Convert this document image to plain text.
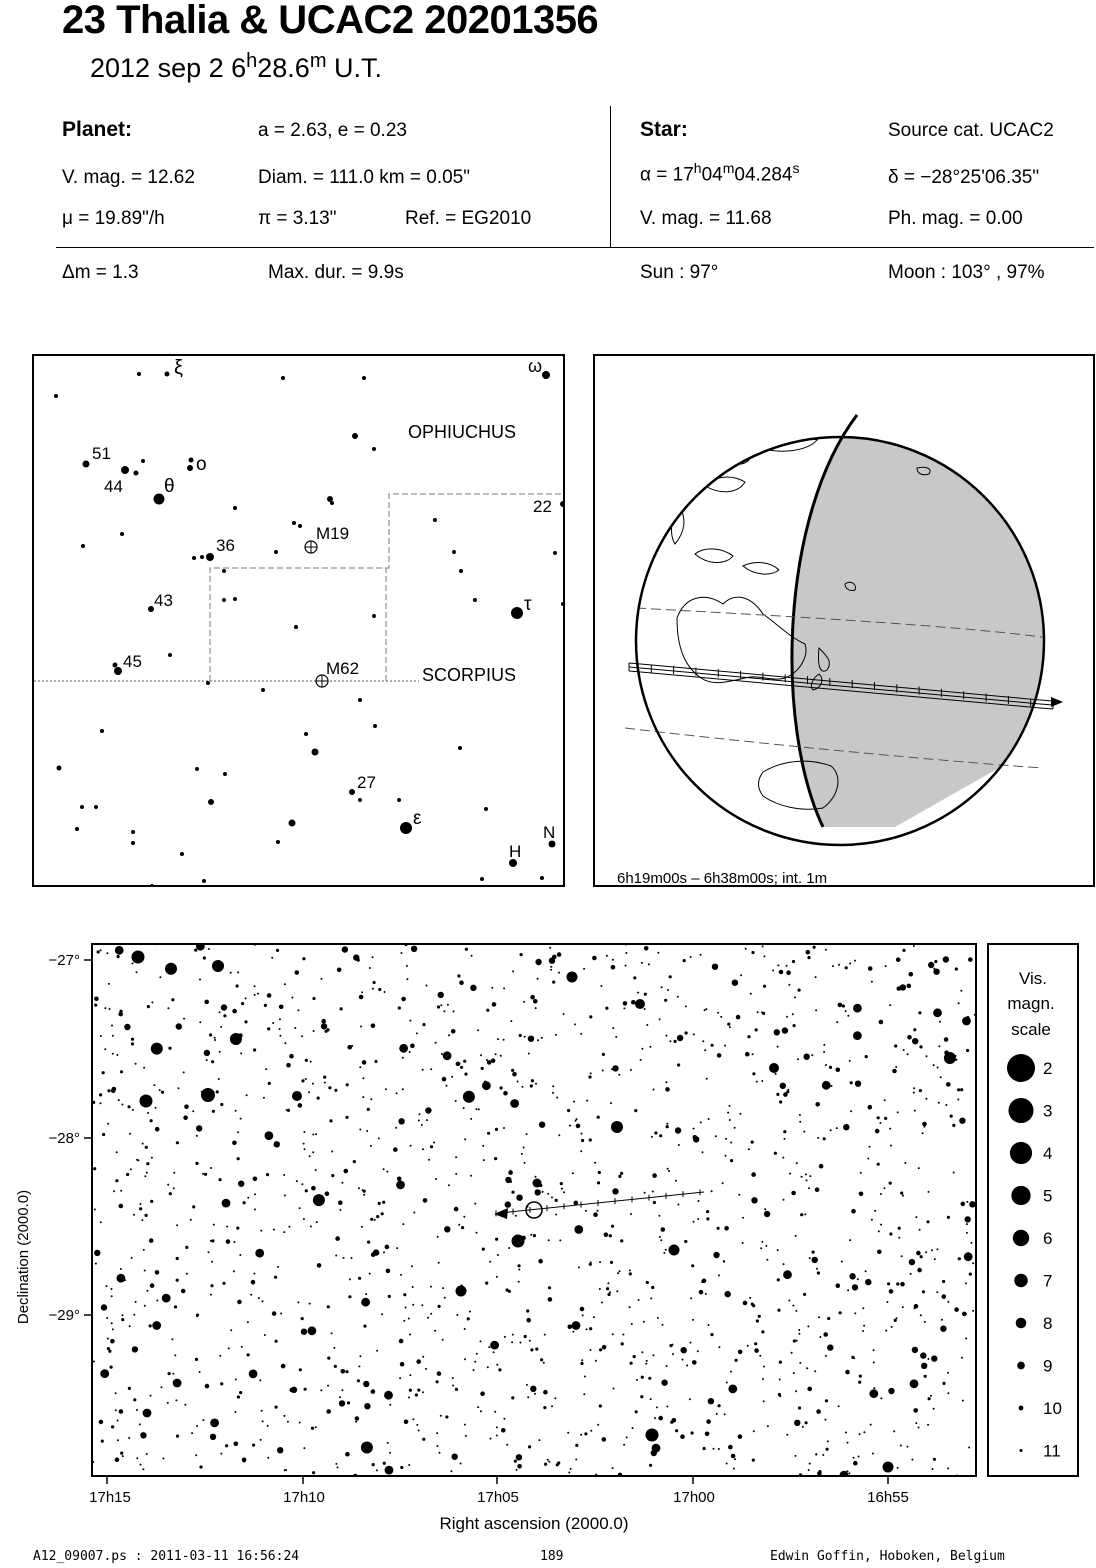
23 Thalia & UCAC2 20201356
2012 sep 2 6$^h$28.6$^m$ U.T.
Planet:	a = 2.63, e = 0.23
V. mag. = 12.62	Diam. = 111.0 km = 0.05"
μ = 19.89"/h	π = 3.13"	Ref. = EG2010
Star:	Source cat. UCAC2
$\alpha = 17^h04^m04.284^s$	δ = −28°25'06.35"
V. mag. = 11.68	Ph. mag. = 0.00
Δm = 1.3	Max. dur. = 9.9s	Sun : 97°	Moon : 103° , 97%
ξ	ω
OPHIUCHUS
51
44 θ
ο
22
36
M19
43	τ
45	M62	SCORPIUS
27
ε
N
H
6h19m00s – 6h38m00s; int. 1m
Declination (2000.0)
Right ascension (2000.0)
−27°
−28°
−29°
17h15	17h10	17h05	17h00	16h55
Vis.
magn.
scale
2
3
4
5
6
7
8
9
10
11
A12_09007.ps : 2011-03-11 16:56:24	189	Edwin Goffin, Hoboken, Belgium
